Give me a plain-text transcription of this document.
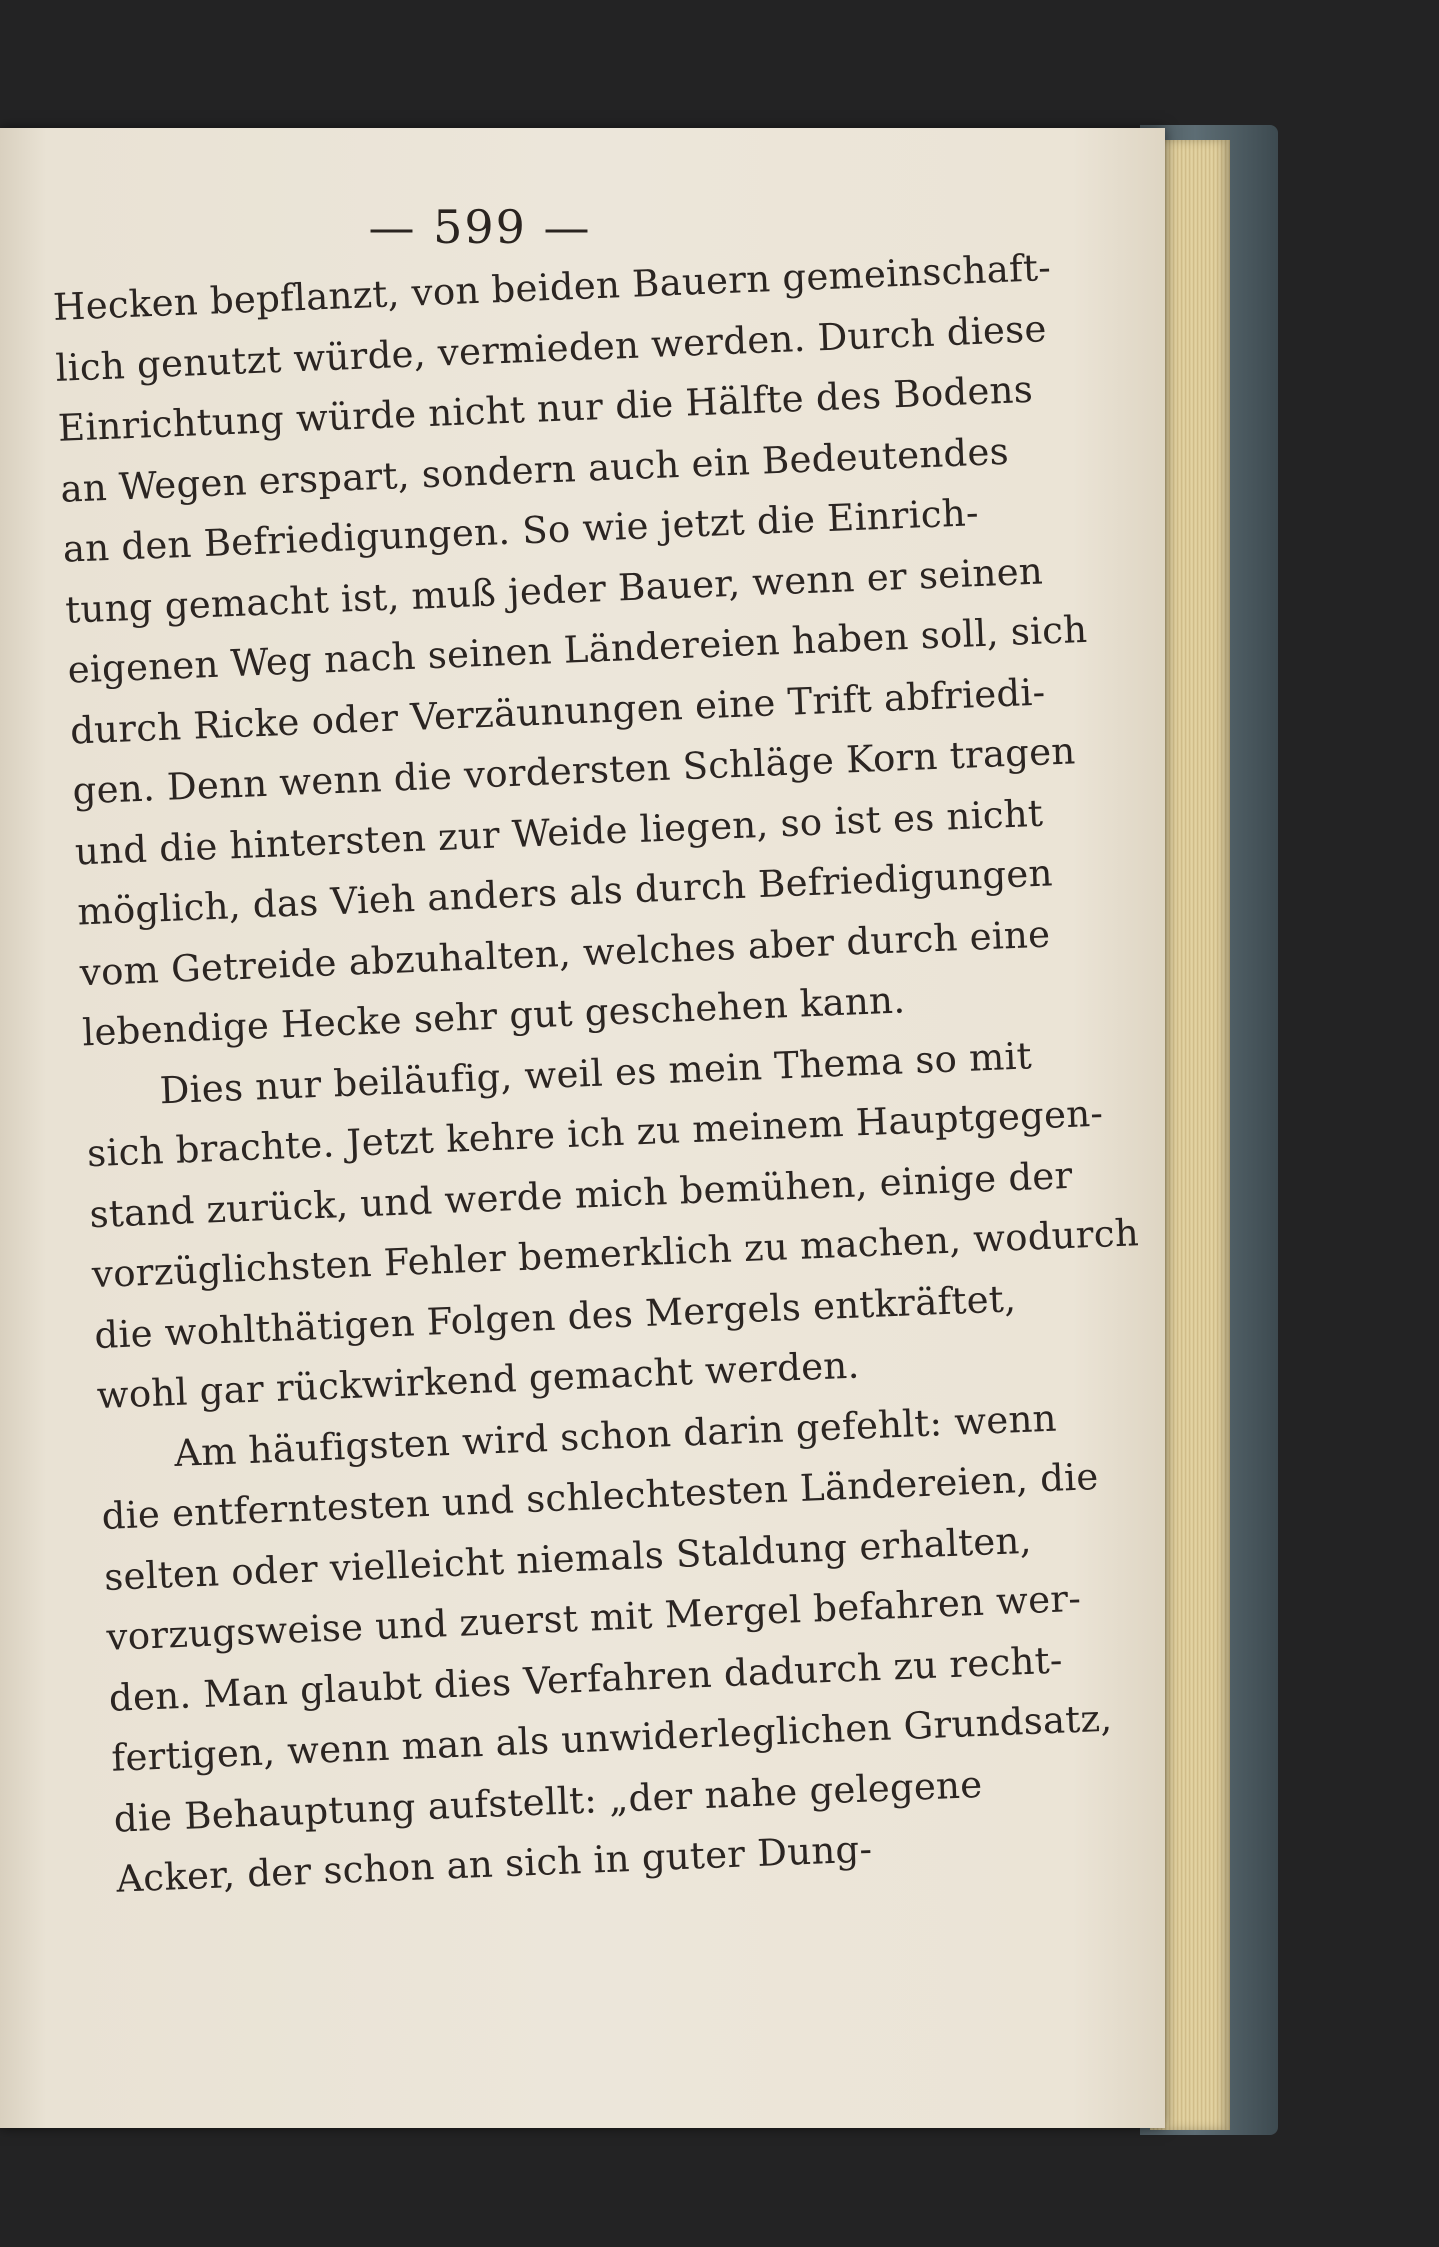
— 599 —
Hecken bepflanzt, von beiden Bauern gemeinschaft-
lich genutzt würde, vermieden werden. Durch diese
Einrichtung würde nicht nur die Hälfte des Bodens
an Wegen erspart, sondern auch ein Bedeutendes
an den Befriedigungen. So wie jetzt die Einrich-
tung gemacht ist, muß jeder Bauer, wenn er seinen
eigenen Weg nach seinen Ländereien haben soll, sich
durch Ricke oder Verzäunungen eine Trift abfriedi-
gen. Denn wenn die vordersten Schläge Korn tragen
und die hintersten zur Weide liegen, so ist es nicht
möglich, das Vieh anders als durch Befriedigungen
vom Getreide abzuhalten, welches aber durch eine
lebendige Hecke sehr gut geschehen kann.
Dies nur beiläufig, weil es mein Thema so mit
sich brachte. Jetzt kehre ich zu meinem Hauptgegen-
stand zurück, und werde mich bemühen, einige der
vorzüglichsten Fehler bemerklich zu machen, wodurch
die wohlthätigen Folgen des Mergels entkräftet,
wohl gar rückwirkend gemacht werden.
Am häufigsten wird schon darin gefehlt: wenn
die entferntesten und schlechtesten Ländereien, die
selten oder vielleicht niemals Staldung erhalten,
vorzugsweise und zuerst mit Mergel befahren wer-
den. Man glaubt dies Verfahren dadurch zu recht-
fertigen, wenn man als unwiderleglichen Grundsatz,
die Behauptung aufstellt: „der nahe gelegene
Acker, der schon an sich in guter Dung-
